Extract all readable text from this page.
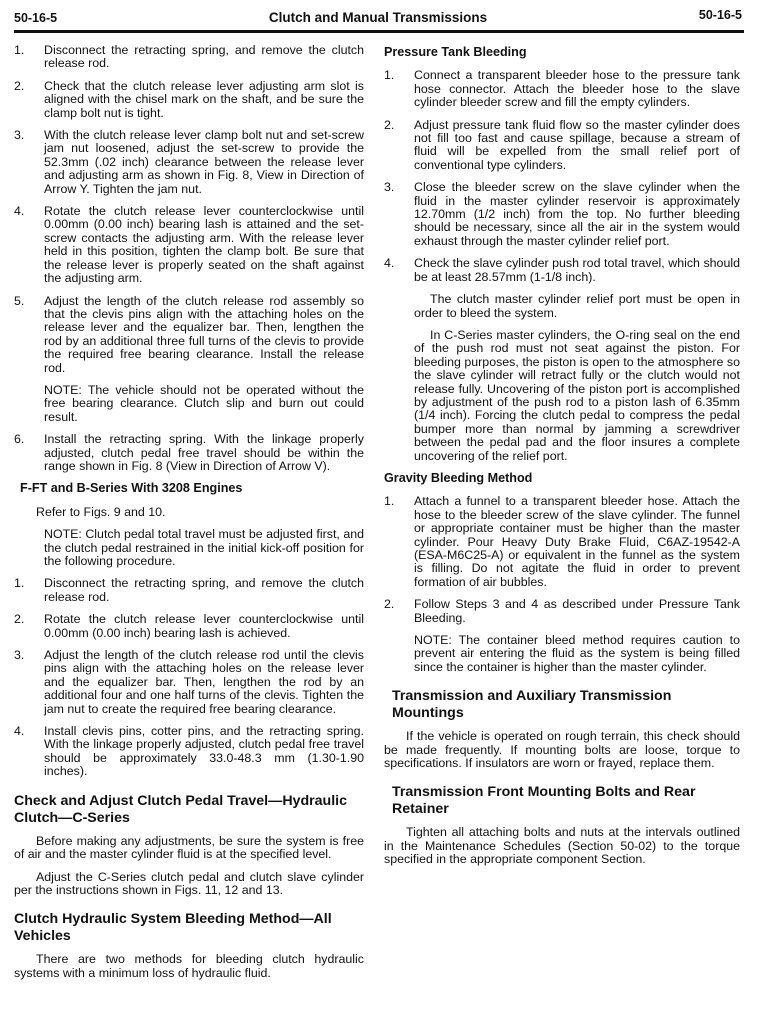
50-16-5	Clutch and Manual Transmissions	50-16-5
1.	Disconnect the retracting spring, and remove the clutch release rod.
2.	Check that the clutch release lever adjusting arm slot is aligned with the chisel mark on the shaft, and be sure the clamp bolt nut is tight.
3.	With the clutch release lever clamp bolt nut and set-screw jam nut loosened, adjust the set-screw to provide the 52.3mm (.02 inch) clearance between the release lever and adjusting arm as shown in Fig. 8, View in Direction of Arrow Y. Tighten the jam nut.
4.	Rotate the clutch release lever counterclockwise until 0.00mm (0.00 inch) bearing lash is attained and the set-screw contacts the adjusting arm. With the release lever held in this position, tighten the clamp bolt. Be sure that the release lever is properly seated on the shaft against the adjusting arm.
5.	Adjust the length of the clutch release rod assembly so that the clevis pins align with the attaching holes on the release lever and the equalizer bar. Then, lengthen the rod by an additional three full turns of the clevis to provide the required free bearing clearance. Install the release rod.
NOTE: The vehicle should not be operated without the free bearing clearance. Clutch slip and burn out could result.
6.	Install the retracting spring. With the linkage properly adjusted, clutch pedal free travel should be within the range shown in Fig. 8 (View in Direction of Arrow V).
F-FT and B-Series With 3208 Engines
Refer to Figs. 9 and 10.
NOTE: Clutch pedal total travel must be adjusted first, and the clutch pedal restrained in the initial kick-off position for the following procedure.
1.	Disconnect the retracting spring, and remove the clutch release rod.
2.	Rotate the clutch release lever counterclockwise until 0.00mm (0.00 inch) bearing lash is achieved.
3.	Adjust the length of the clutch release rod until the clevis pins align with the attaching holes on the release lever and the equalizer bar. Then, lengthen the rod by an additional four and one half turns of the clevis. Tighten the jam nut to create the required free bearing clearance.
4.	Install clevis pins, cotter pins, and the retracting spring. With the linkage properly adjusted, clutch pedal free travel should be approximately 33.0-48.3 mm (1.30-1.90 inches).
Check and Adjust Clutch Pedal Travel—Hydraulic Clutch—C-Series
Before making any adjustments, be sure the system is free of air and the master cylinder fluid is at the specified level.
Adjust the C-Series clutch pedal and clutch slave cylinder per the instructions shown in Figs. 11, 12 and 13.
Clutch Hydraulic System Bleeding Method—All Vehicles
There are two methods for bleeding clutch hydraulic systems with a minimum loss of hydraulic fluid.
Pressure Tank Bleeding
1.	Connect a transparent bleeder hose to the pressure tank hose connector. Attach the bleeder hose to the slave cylinder bleeder screw and fill the empty cylinders.
2.	Adjust pressure tank fluid flow so the master cylinder does not fill too fast and cause spillage, because a stream of fluid will be expelled from the small relief port of conventional type cylinders.
3.	Close the bleeder screw on the slave cylinder when the fluid in the master cylinder reservoir is approximately 12.70mm (1/2 inch) from the top. No further bleeding should be necessary, since all the air in the system would exhaust through the master cylinder relief port.
4.	Check the slave cylinder push rod total travel, which should be at least 28.57mm (1-1/8 inch).
The clutch master cylinder relief port must be open in order to bleed the system.
In C-Series master cylinders, the O-ring seal on the end of the push rod must not seat against the piston. For bleeding purposes, the piston is open to the atmosphere so the slave cylinder will retract fully or the clutch would not release fully. Uncovering of the piston port is accomplished by adjustment of the push rod to a piston lash of 6.35mm (1/4 inch). Forcing the clutch pedal to compress the pedal bumper more than normal by jamming a screwdriver between the pedal pad and the floor insures a complete uncovering of the relief port.
Gravity Bleeding Method
1.	Attach a funnel to a transparent bleeder hose. Attach the hose to the bleeder screw of the slave cylinder. The funnel or appropriate container must be higher than the master cylinder. Pour Heavy Duty Brake Fluid, C6AZ-19542-A (ESA-M6C25-A) or equivalent in the funnel as the system is filling. Do not agitate the fluid in order to prevent formation of air bubbles.
2.	Follow Steps 3 and 4 as described under Pressure Tank Bleeding.
NOTE: The container bleed method requires caution to prevent air entering the fluid as the system is being filled since the container is higher than the master cylinder.
Transmission and Auxiliary Transmission Mountings
If the vehicle is operated on rough terrain, this check should be made frequently. If mounting bolts are loose, torque to specifications. If insulators are worn or frayed, replace them.
Transmission Front Mounting Bolts and Rear Retainer
Tighten all attaching bolts and nuts at the intervals outlined in the Maintenance Schedules (Section 50-02) to the torque specified in the appropriate component Section.
